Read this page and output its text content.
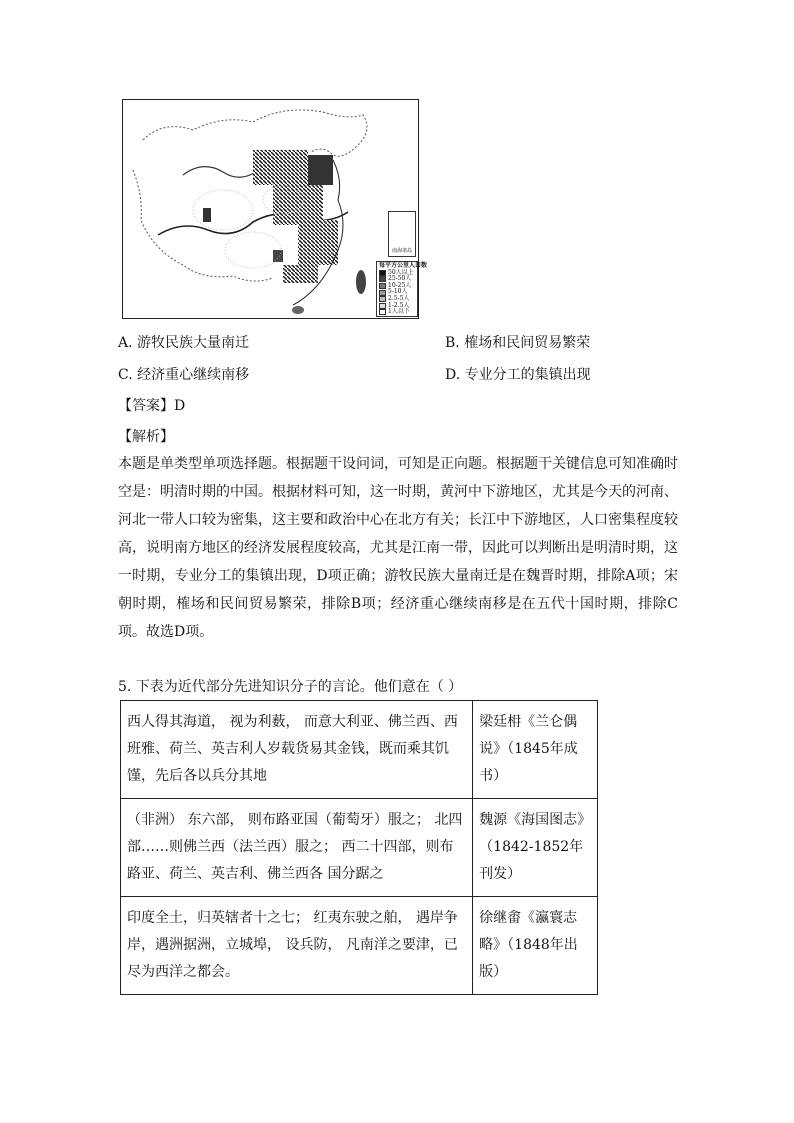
南海诸岛
每平方公里人口数
50人以上
25-50人
10-25人
5-10人
2.5-5人
1-2.5人
1人以下
A. 游牧民族大量南迁	B. 榷场和民间贸易繁荣
C. 经济重心继续南移	D. 专业分工的集镇出现
【答案】D
【解析】
本题是单类型单项选择题。根据题干设问词，可知是正向题。根据题干关键信息可知准确时空是：明清时期的中国。根据材料可知，这一时期，黄河中下游地区，尤其是今天的河南、河北一带人口较为密集，这主要和政治中心在北方有关；长江中下游地区，人口密集程度较高，说明南方地区的经济发展程度较高，尤其是江南一带，因此可以判断出是明清时期，这一时期，专业分工的集镇出现，D项正确；游牧民族大量南迁是在魏晋时期，排除A项；宋朝时期，榷场和民间贸易繁荣，排除B项；经济重心继续南移是在五代十国时期，排除C项。故选D项。
5. 下表为近代部分先进知识分子的言论。他们意在（ ）
西人得其海道， 视为利薮， 而意大利亚、佛兰西、西班雅、荷兰、英吉利人岁载货易其金钱，既而乘其饥馑，先后各以兵分其地	梁廷枏《兰仑偶说》（1845年成书）
（非洲） 东六部， 则布路亚国（葡萄牙）服之； 北四部……则佛兰西（法兰西）服之； 西二十四部，则布路亚、荷兰、英吉利、佛兰西各 国分踞之	魏源《海国图志》（1842-1852年刊发）
印度全土，归英辖者十之七； 红夷东驶之舶， 遇岸争岸，遇洲据洲，立城埠， 设兵防， 凡南洋之要津，已尽为西洋之都会。	徐继畬《瀛寰志略》（1848年出版）
